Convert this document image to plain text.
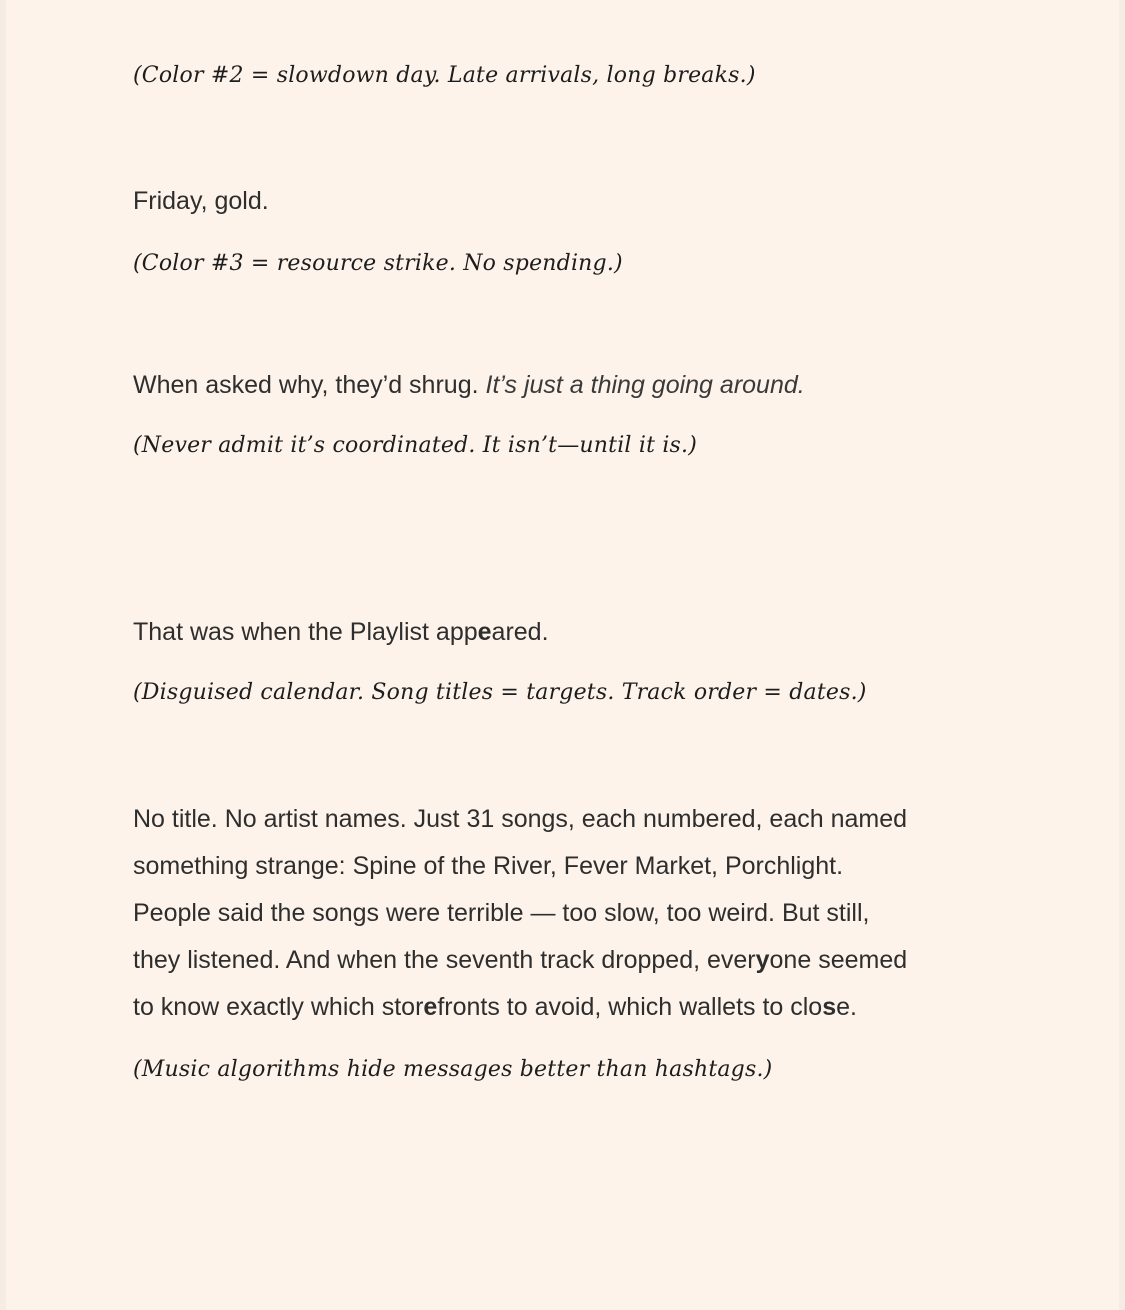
(Color #2 = slowdown day. Late arrivals, long breaks.)

Friday, gold.

(Color #3 = resource strike. No spending.)

When asked why, they’d shrug. It’s just a thing going around.

(Never admit it’s coordinated. It isn’t—until it is.)

That was when the Playlist appeared.

(Disguised calendar. Song titles = targets. Track order = dates.)

No title. No artist names. Just 31 songs, each numbered, each named
something strange: Spine of the River, Fever Market, Porchlight.
People said the songs were terrible — too slow, too weird. But still,
they listened. And when the seventh track dropped, everyone seemed
to know exactly which storefronts to avoid, which wallets to close.

(Music algorithms hide messages better than hashtags.)
